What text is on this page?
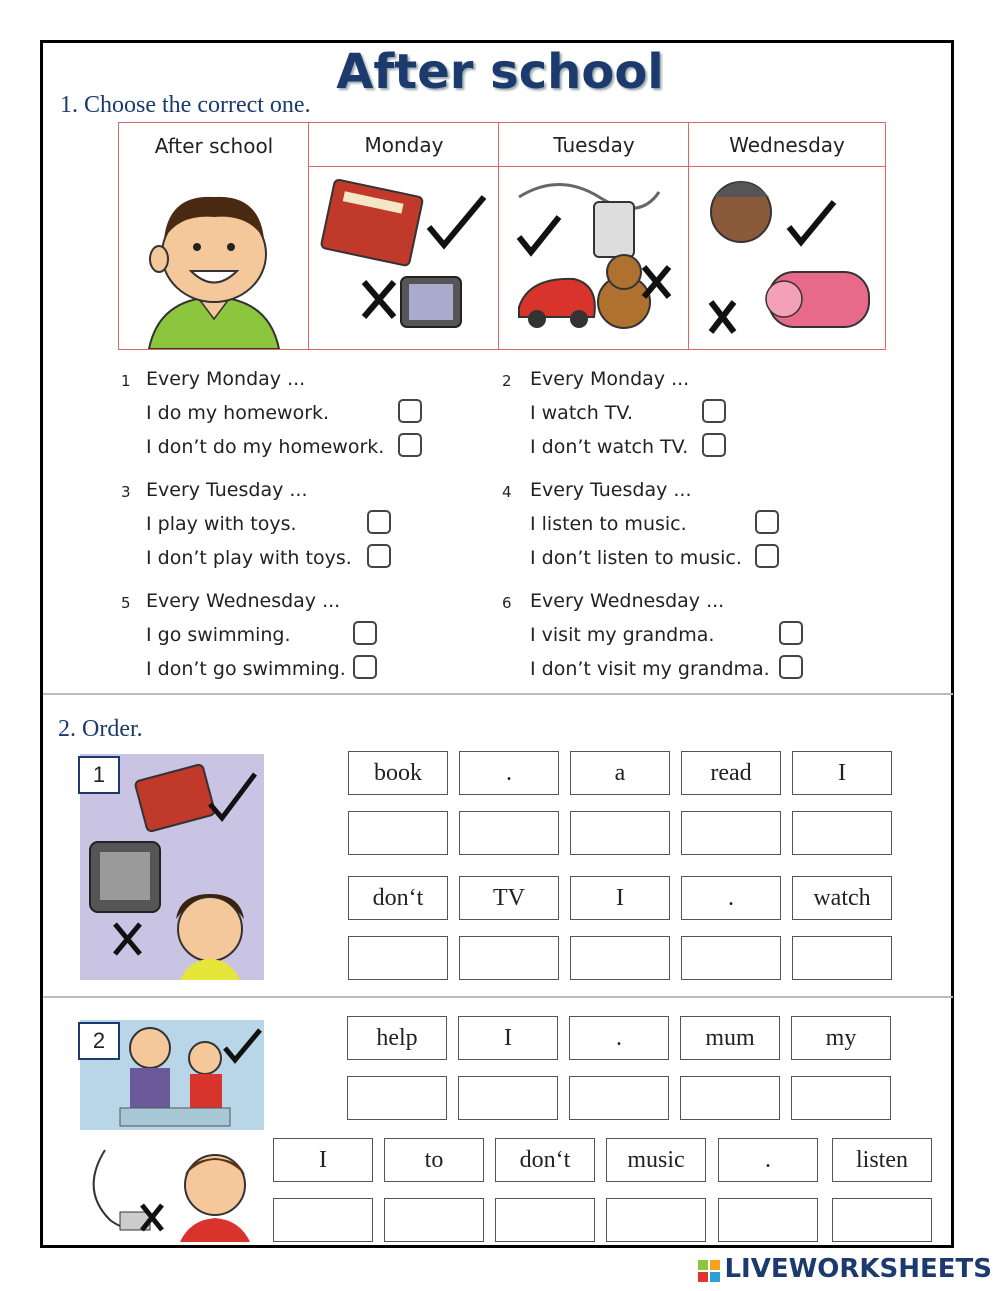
After school
1. Choose the correct one.
After school	Monday	Tuesday	Wednesday
1 Every Monday ...
I do my homework.
I don’t do my homework.
2 Every Monday ...
I watch TV.
I don’t watch TV.
3 Every Tuesday ...
I play with toys.
I don’t play with toys.
4 Every Tuesday ...
I listen to music.
I don’t listen to music.
5 Every Wednesday ...
I go swimming.
I don’t go swimming.
6 Every Wednesday ...
I visit my grandma.
I don’t visit my grandma.
2. Order.
1	book	.	a	read	I
don‘t	TV	I	.	watch
2	help	I	.	mum	my
I	to	don‘t	music	.	listen
LIVEWORKSHEETS
